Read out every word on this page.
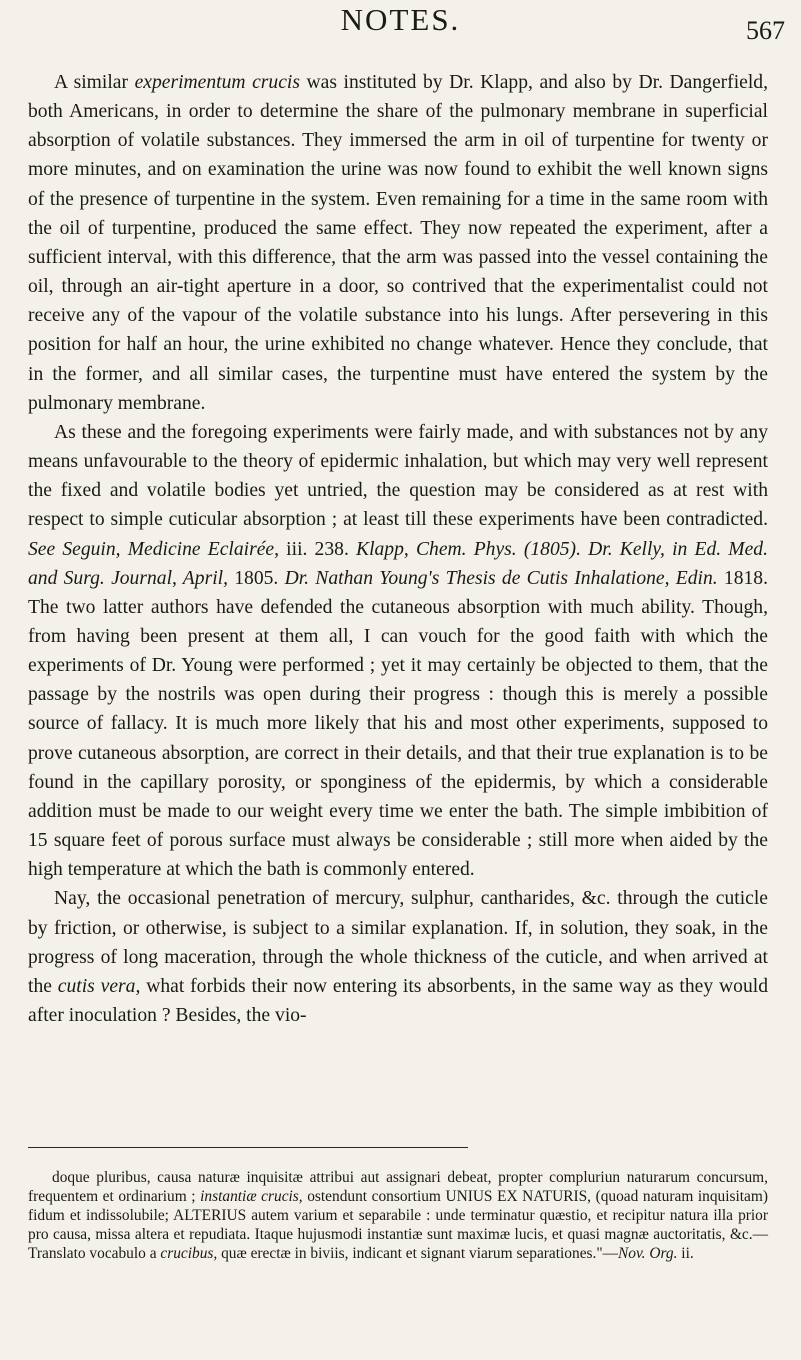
NOTES.	567

A similar experimentum crucis was instituted by Dr. Klapp, and also by Dr. Dangerfield, both Americans, in order to determine the share of the pulmonary membrane in superficial absorption of volatile substances. They immersed the arm in oil of turpentine for twenty or more minutes, and on examination the urine was now found to exhibit the well known signs of the presence of turpentine in the system. Even remaining for a time in the same room with the oil of turpentine, produced the same effect. They now repeated the experiment, after a sufficient interval, with this difference, that the arm was passed into the vessel containing the oil, through an air-tight aperture in a door, so contrived that the experimentalist could not receive any of the vapour of the volatile substance into his lungs. After persevering in this position for half an hour, the urine exhibited no change whatever. Hence they conclude, that in the former, and all similar cases, the turpentine must have entered the system by the pulmonary membrane.

As these and the foregoing experiments were fairly made, and with substances not by any means unfavourable to the theory of epidermic inhalation, but which may very well represent the fixed and volatile bodies yet untried, the question may be considered as at rest with respect to simple cuticular absorption ; at least till these experiments have been contradicted. See Seguin, Medicine Eclairée, iii. 238. Klapp, Chem. Phys. (1805). Dr. Kelly, in Ed. Med. and Surg. Journal, April, 1805. Dr. Nathan Young's Thesis de Cutis Inhalatione, Edin. 1818. The two latter authors have defended the cutaneous absorption with much ability. Though, from having been present at them all, I can vouch for the good faith with which the experiments of Dr. Young were performed ; yet it may certainly be objected to them, that the passage by the nostrils was open during their progress : though this is merely a possible source of fallacy. It is much more likely that his and most other experiments, supposed to prove cutaneous absorption, are correct in their details, and that their true explanation is to be found in the capillary porosity, or sponginess of the epidermis, by which a considerable addition must be made to our weight every time we enter the bath. The simple imbibition of 15 square feet of porous surface must always be considerable ; still more when aided by the high temperature at which the bath is commonly entered.

Nay, the occasional penetration of mercury, sulphur, cantharides, &c. through the cuticle by friction, or otherwise, is subject to a similar explanation. If, in solution, they soak, in the progress of long maceration, through the whole thickness of the cuticle, and when arrived at the cutis vera, what forbids their now entering its absorbents, in the same way as they would after inoculation ? Besides, the vio-

doque pluribus, causa naturæ inquisitæ attribui aut assignari debeat, propter compluriun naturarum concursum, frequentem et ordinarium ; instantiæ crucis, ostendunt consortium UNIUS EX NATURIS, (quoad naturam inquisitam) fidum et indissolubile; ALTERIUS autem varium et separabile : unde terminatur quæstio, et recipitur natura illa prior pro causa, missa altera et repudiata. Itaque hujusmodi instantiæ sunt maximæ lucis, et quasi magnæ auctoritatis, &c.—Translato vocabulo a crucibus, quæ erectæ in biviis, indicant et signant viarum separationes."—Nov. Org. ii.
